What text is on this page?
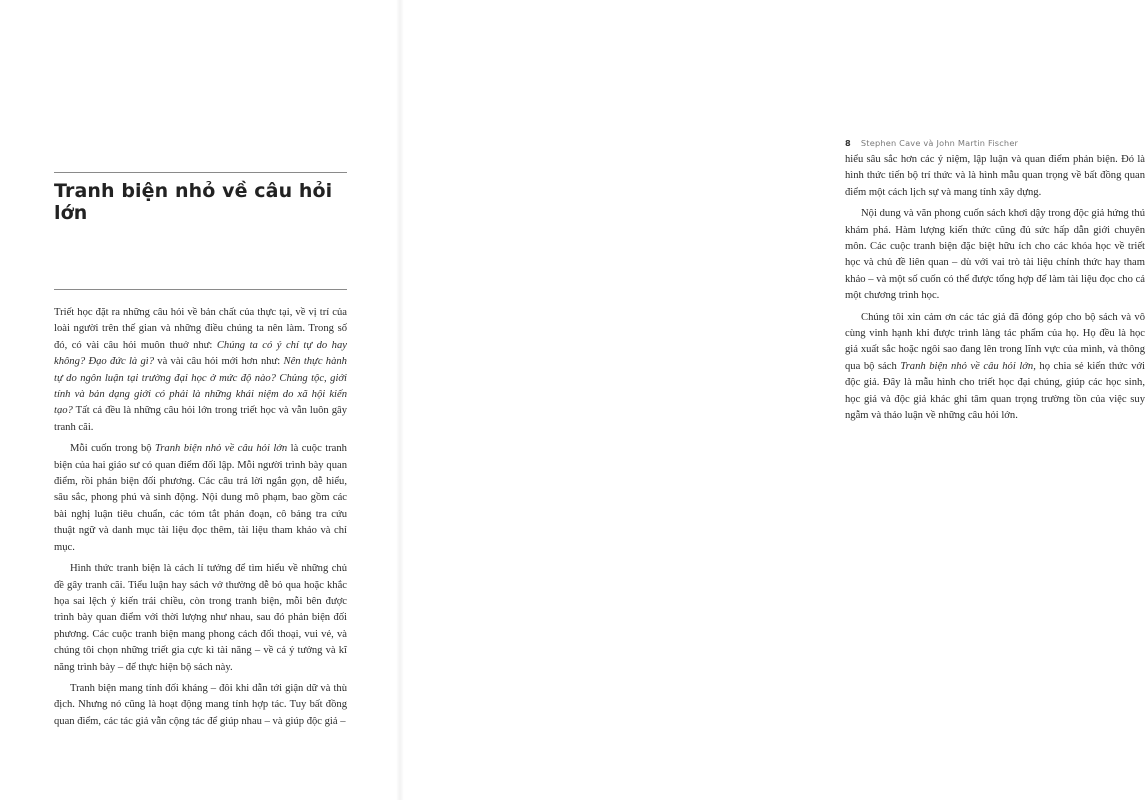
Tranh biện nhỏ về câu hỏi lớn

Triết học đặt ra những câu hỏi về bản chất của thực tại, về vị trí của loài người trên thế gian và những điều chúng ta nên làm. Trong số đó, có vài câu hỏi muôn thuở như: Chúng ta có ý chí tự do hay không? Đạo đức là gì? và vài câu hỏi mới hơn như: Nên thực hành tự do ngôn luận tại trường đại học ở mức độ nào? Chủng tộc, giới tính và bản dạng giới có phải là những khái niệm do xã hội kiến tạo? Tất cả đều là những câu hỏi lớn trong triết học và vẫn luôn gây tranh cãi.

Mỗi cuốn trong bộ Tranh biện nhỏ về câu hỏi lớn là cuộc tranh biện của hai giáo sư có quan điểm đối lập. Mỗi người trình bày quan điểm, rồi phản biện đối phương. Các câu trả lời ngắn gọn, dễ hiểu, sâu sắc, phong phú và sinh động. Nội dung mô phạm, bao gồm các bài nghị luận tiêu chuẩn, các tóm tắt phản đoạn, cô bảng tra cứu thuật ngữ và danh mục tài liệu đọc thêm, tài liệu tham khảo và chỉ mục.

Hình thức tranh biện là cách lí tưởng để tìm hiểu về những chủ đề gây tranh cãi. Tiểu luận hay sách vở thường dễ bỏ qua hoặc khắc họa sai lệch ý kiến trái chiều, còn trong tranh biện, mỗi bên được trình bày quan điểm với thời lượng như nhau, sau đó phản biện đối phương. Các cuộc tranh biện mang phong cách đối thoại, vui vẻ, và chúng tôi chọn những triết gia cực kì tài năng – về cả ý tưởng và kĩ năng trình bày – để thực hiện bộ sách này.

Tranh biện mang tính đối kháng – đôi khi dẫn tới giận dữ và thù địch. Nhưng nó cũng là hoạt động mang tính hợp tác. Tuy bất đồng quan điểm, các tác giả vẫn cộng tác để giúp nhau – và giúp độc giả –

8 Stephen Cave và John Martin Fischer

hiểu sâu sắc hơn các ý niệm, lập luận và quan điểm phản biện. Đó là hình thức tiến bộ trí thức và là hình mẫu quan trọng về bất đồng quan điểm một cách lịch sự và mang tính xây dựng.

Nội dung và văn phong cuốn sách khơi dậy trong độc giả hứng thú khám phá. Hàm lượng kiến thức cũng đủ sức hấp dẫn giới chuyên môn. Các cuộc tranh biện đặc biệt hữu ích cho các khóa học về triết học và chủ đề liên quan – dù với vai trò tài liệu chính thức hay tham khảo – và một số cuốn có thể được tổng hợp để làm tài liệu đọc cho cả một chương trình học.

Chúng tôi xin cảm ơn các tác giả đã đóng góp cho bộ sách và vô cùng vinh hạnh khi được trình làng tác phẩm của họ. Họ đều là học giả xuất sắc hoặc ngôi sao đang lên trong lĩnh vực của mình, và thông qua bộ sách Tranh biện nhỏ về câu hỏi lớn, họ chia sẻ kiến thức với độc giả. Đây là mẫu hình cho triết học đại chúng, giúp các học sinh, học giả và độc giả khác ghi tâm quan trọng trường tồn của việc suy ngẫm và thảo luận về những câu hỏi lớn.
